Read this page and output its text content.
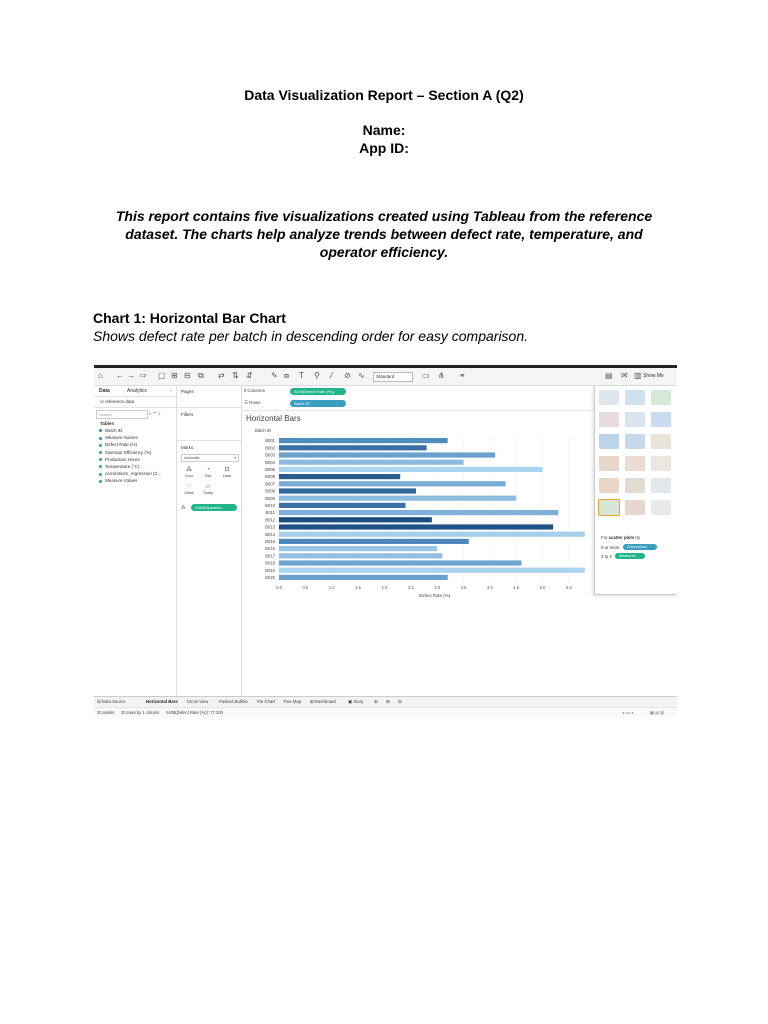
Data Visualization Report – Section A (Q2)
Name:
App ID:
This report contains five visualizations created using Tableau from the reference dataset. The charts help analyze trends between defect rate, temperature, and operator efficiency.
Chart 1: Horizontal Bar Chart
Shows defect rate per batch in descending order for easy comparison.
⌂ ← → ⇨ ▢ ⊞ ⊟ ⧉ ⇄ ⇅ ⇵ ✎ ⧈ T ⚲ ⁄ ⊘ ∿	Standard	▭ ⋔ ⚭	▤ ✉ ▥ Show Me
Data	Analytics	‹
⛁ reference data
Search	⌕ ▽ ≡
Tables
Batch ID
Measure Names
Defect Rate (%)
Operator Efficiency (%)
Production Hours
Temperature (°C)
correlations_regression (C...
Measure Values
Pages
Filters
Marks
Automatic	▾
⁂
Color
◔
Size
⊡
Label
⁙
Detail
▱
Tooltip
⁂	SUM(Operator...
⦀ Columns	SUM(Defect Rate (%))
☰ Rows	Batch ID
Horizontal Bars
Batch ID
0.0	0.5	1.0	1.5	2.0	2.5	3.0	3.5	4.0	4.5	5.0	5.5
B001
B002
B003
B004
B005
B006
B007
B008
B009
B010
B011
B012
B013
B014
B015
B016
B017
B018
B019
B020
Defect Rate (%)
For scatter plots try
0 or more	Dimensions
2 to 4	Measures
⛁ Data Source	Horizontal Bars Circle View Packed Bubble Pie Chart Tree Map ⊞ Dashboard	▣ Story ⊕ ⊞ ⊟
20 marks 20 rows by 1 column SUM(Defect Rate (%)): 77.300	◂ ◂ ▸ ▸	▦ ▤ ▥
